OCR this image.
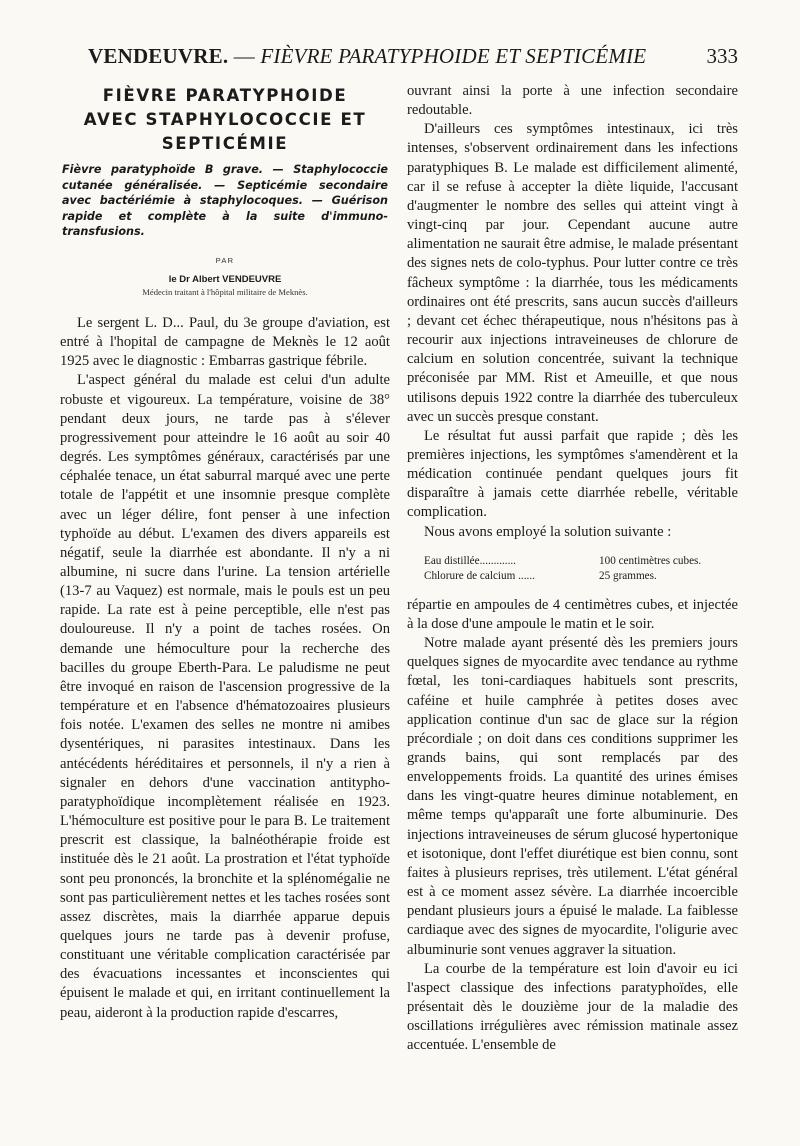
VENDEUVRE. — FIÈVRE PARATYPHOIDE ET SEPTICÉMIE	333
FIÈVRE PARATYPHOIDE
AVEC STAPHYLOCOCCIE ET
SEPTICÉMIE
Fièvre paratyphoïde B grave. — Staphylococcie cutanée généralisée. — Septicémie secondaire avec bactériémie à staphylocoques. — Guérison rapide et complète à la suite d'immuno-transfusions.
PAR
le Dr Albert VENDEUVRE
Médecin traitant à l'hôpital militaire de Meknès.

Le sergent L. D... Paul, du 3e groupe d'aviation, est entré à l'hopital de campagne de Meknès le 12 août 1925 avec le diagnostic : Embarras gastrique fébrile.

L'aspect général du malade est celui d'un adulte robuste et vigoureux. La température, voisine de 38° pendant deux jours, ne tarde pas à s'élever progressivement pour atteindre le 16 août au soir 40 degrés. Les symptômes généraux, caractérisés par une céphalée tenace, un état saburral marqué avec une perte totale de l'appétit et une insomnie presque complète avec un léger délire, font penser à une infection typhoïde au début. L'examen des divers appareils est négatif, seule la diarrhée est abondante. Il n'y a ni albumine, ni sucre dans l'urine. La tension artérielle (13-7 au Vaquez) est normale, mais le pouls est un peu rapide. La rate est à peine perceptible, elle n'est pas douloureuse. Il n'y a point de taches rosées. On demande une hémoculture pour la recherche des bacilles du groupe Eberth-Para. Le paludisme ne peut être invoqué en raison de l'ascension progressive de la température et en l'absence d'hématozoaires plusieurs fois notée. L'examen des selles ne montre ni amibes dysentériques, ni parasites intestinaux. Dans les antécédents héréditaires et personnels, il n'y a rien à signaler en dehors d'une vaccination antitypho-paratyphoïdique incomplètement réalisée en 1923. L'hémoculture est positive pour le para B. Le traitement prescrit est classique, la balnéothérapie froide est instituée dès le 21 août. La prostration et l'état typhoïde sont peu prononcés, la bronchite et la splénomégalie ne sont pas particulièrement nettes et les taches rosées sont assez discrètes, mais la diarrhée apparue depuis quelques jours ne tarde pas à devenir profuse, constituant une véritable complication caractérisée par des évacuations incessantes et inconscientes qui épuisent le malade et qui, en irritant continuellement la peau, aideront à la production rapide d'escarres,

ouvrant ainsi la porte à une infection secondaire redoutable.

D'ailleurs ces symptômes intestinaux, ici très intenses, s'observent ordinairement dans les infections paratyphiques B. Le malade est difficilement alimenté, car il se refuse à accepter la diète liquide, l'accusant d'augmenter le nombre des selles qui atteint vingt à vingt-cinq par jour. Cependant aucune autre alimentation ne saurait être admise, le malade présentant des signes nets de colo-typhus. Pour lutter contre ce très fâcheux symptôme : la diarrhée, tous les médicaments ordinaires ont été prescrits, sans aucun succès d'ailleurs ; devant cet échec thérapeutique, nous n'hésitons pas à recourir aux injections intraveineuses de chlorure de calcium en solution concentrée, suivant la technique préconisée par MM. Rist et Ameuille, et que nous utilisons depuis 1922 contre la diarrhée des tuberculeux avec un succès presque constant.

Le résultat fut aussi parfait que rapide ; dès les premières injections, les symptômes s'amendèrent et la médication continuée pendant quelques jours fit disparaître à jamais cette diarrhée rebelle, véritable complication.

Nous avons employé la solution suivante :

Eau distillée.............	100 centimètres cubes.
Chlorure de calcium ......	25 grammes.

répartie en ampoules de 4 centimètres cubes, et injectée à la dose d'une ampoule le matin et le soir.

Notre malade ayant présenté dès les premiers jours quelques signes de myocardite avec tendance au rythme fœtal, les toni-cardiaques habituels sont prescrits, caféine et huile camphrée à petites doses avec application continue d'un sac de glace sur la région précordiale ; on doit dans ces conditions supprimer les grands bains, qui sont remplacés par des enveloppements froids. La quantité des urines émises dans les vingt-quatre heures diminue notablement, en même temps qu'apparaît une forte albuminurie. Des injections intraveineuses de sérum glucosé hypertonique et isotonique, dont l'effet diurétique est bien connu, sont faites à plusieurs reprises, très utilement. L'état général est à ce moment assez sévère. La diarrhée incoercible pendant plusieurs jours a épuisé le malade. La faiblesse cardiaque avec des signes de myocardite, l'oligurie avec albuminurie sont venues aggraver la situation.

La courbe de la température est loin d'avoir eu ici l'aspect classique des infections paratyphoïdes, elle présentait dès le douzième jour de la maladie des oscillations irrégulières avec rémission matinale assez accentuée. L'ensemble de
